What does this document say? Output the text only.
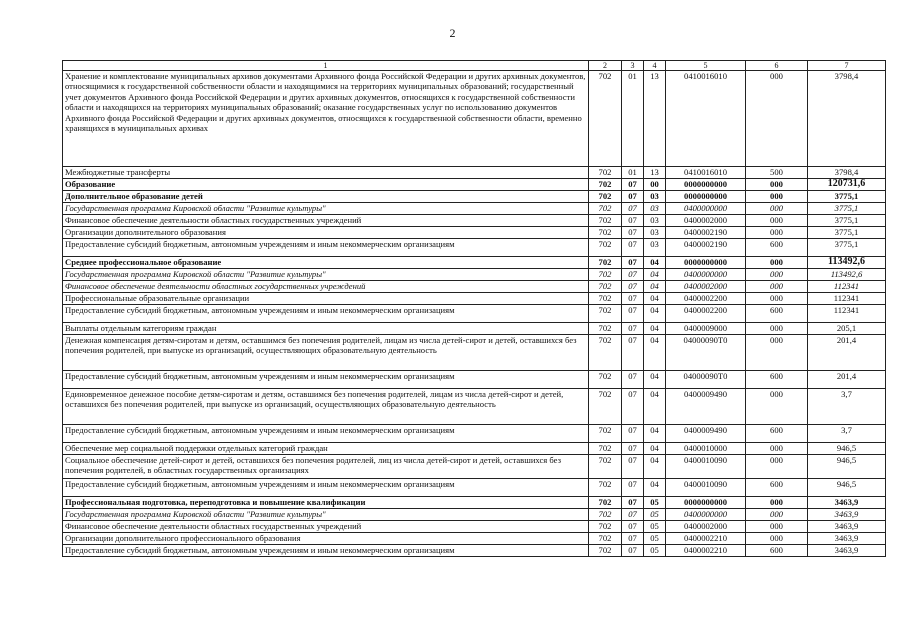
2
1	2	3	4	5	6	7
Хранение и комплектование муниципальных архивов документами Архивного фонда Российской Федерации и других архивных документов, относящимися к государственной собственности области и находящимися на территориях муниципальных образований; государственный учет документов Архивного фонда Российской Федерации и других архивных документов, относящихся к государственной собственности области и находящихся на территориях муниципальных образований; оказание государственных услуг по использованию документов Архивного фонда Российской Федерации и других архивных документов, относящихся к государственной собственности области, временно хранящихся в муниципальных архивах	702	01	13	0410016010	000	3798,4
Межбюджетные трансферты	702	01	13	0410016010	500	3798,4
Образование	702	07	00	0000000000	000	120731,6
Дополнительное образование детей	702	07	03	0000000000	000	3775,1
Государственная программа Кировской области "Развитие культуры"	702	07	03	0400000000	000	3775,1
Финансовое обеспечение деятельности областных государственных учреждений	702	07	03	0400002000	000	3775,1
Организации дополнительного образования	702	07	03	0400002190	000	3775,1
Предоставление субсидий бюджетным, автономным учреждениям и иным некоммерческим организациям	702	07	03	0400002190	600	3775,1
Среднее профессиональное образование	702	07	04	0000000000	000	113492,6
Государственная программа Кировской области "Развитие культуры"	702	07	04	0400000000	000	113492,6
Финансовое обеспечение деятельности областных государственных учреждений	702	07	04	0400002000	000	112341
Профессиональные образовательные организации	702	07	04	0400002200	000	112341
Предоставление субсидий бюджетным, автономным учреждениям и иным некоммерческим организациям	702	07	04	0400002200	600	112341
Выплаты отдельным категориям граждан	702	07	04	0400009000	000	205,1
Денежная компенсация детям-сиротам и детям, оставшимся без попечения родителей, лицам из числа детей-сирот и детей, оставшихся без попечения родителей, при выпуске из организаций, осуществляющих образовательную деятельность	702	07	04	04000090Т0	000	201,4
Предоставление субсидий бюджетным, автономным учреждениям и иным некоммерческим организациям	702	07	04	04000090Т0	600	201,4
Единовременное денежное пособие детям-сиротам и детям, оставшимся без попечения родителей, лицам из числа детей-сирот и детей, оставшихся без попечения родителей, при выпуске из организаций, осуществляющих образовательную деятельность	702	07	04	0400009490	000	3,7
Предоставление субсидий бюджетным, автономным учреждениям и иным некоммерческим организациям	702	07	04	0400009490	600	3,7
Обеспечение мер социальной поддержки отдельных категорий граждан	702	07	04	0400010000	000	946,5
Социальное обеспечение детей-сирот и детей, оставшихся без попечения родителей, лиц из числа детей-сирот и детей, оставшихся без попечения родителей, в областных государственных организациях	702	07	04	0400010090	000	946,5
Предоставление субсидий бюджетным, автономным учреждениям и иным некоммерческим организациям	702	07	04	0400010090	600	946,5
Профессиональная подготовка, переподготовка и повышение квалификации	702	07	05	0000000000	000	3463,9
Государственная программа Кировской области "Развитие культуры"	702	07	05	0400000000	000	3463,9
Финансовое обеспечение деятельности областных государственных учреждений	702	07	05	0400002000	000	3463,9
Организации дополнительного профессионального образования	702	07	05	0400002210	000	3463,9
Предоставление субсидий бюджетным, автономным учреждениям и иным некоммерческим организациям	702	07	05	0400002210	600	3463,9
